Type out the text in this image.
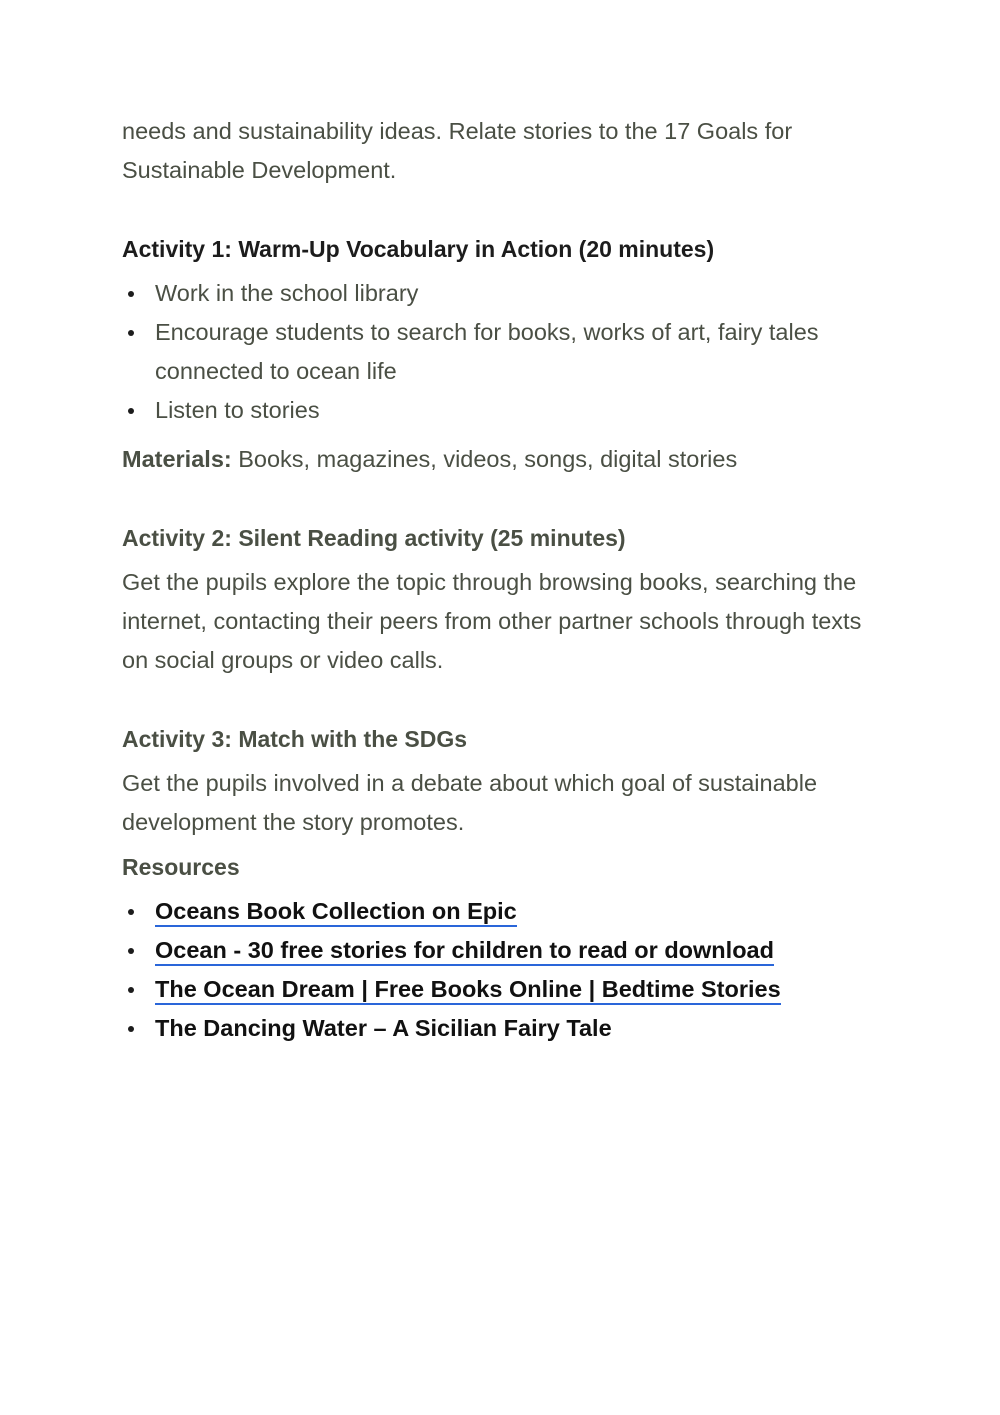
needs and sustainability ideas. Relate stories to the 17 Goals for Sustainable Development.

Activity 1: Warm-Up Vocabulary in Action (20 minutes)
Work in the school library
Encourage students to search for books, works of art, fairy tales connected to ocean life
Listen to stories

Materials: Books, magazines, videos, songs, digital stories

Activity 2: Silent Reading activity (25 minutes)

Get the pupils explore the topic through browsing books, searching the internet, contacting their peers from other partner schools through texts on social groups or video calls.

Activity 3: Match with the SDGs

Get the pupils involved in a debate about which goal of sustainable development the story promotes.

Resources
Oceans Book Collection on Epic
Ocean - 30 free stories for children to read or download
The Ocean Dream | Free Books Online | Bedtime Stories
The Dancing Water – A Sicilian Fairy Tale
